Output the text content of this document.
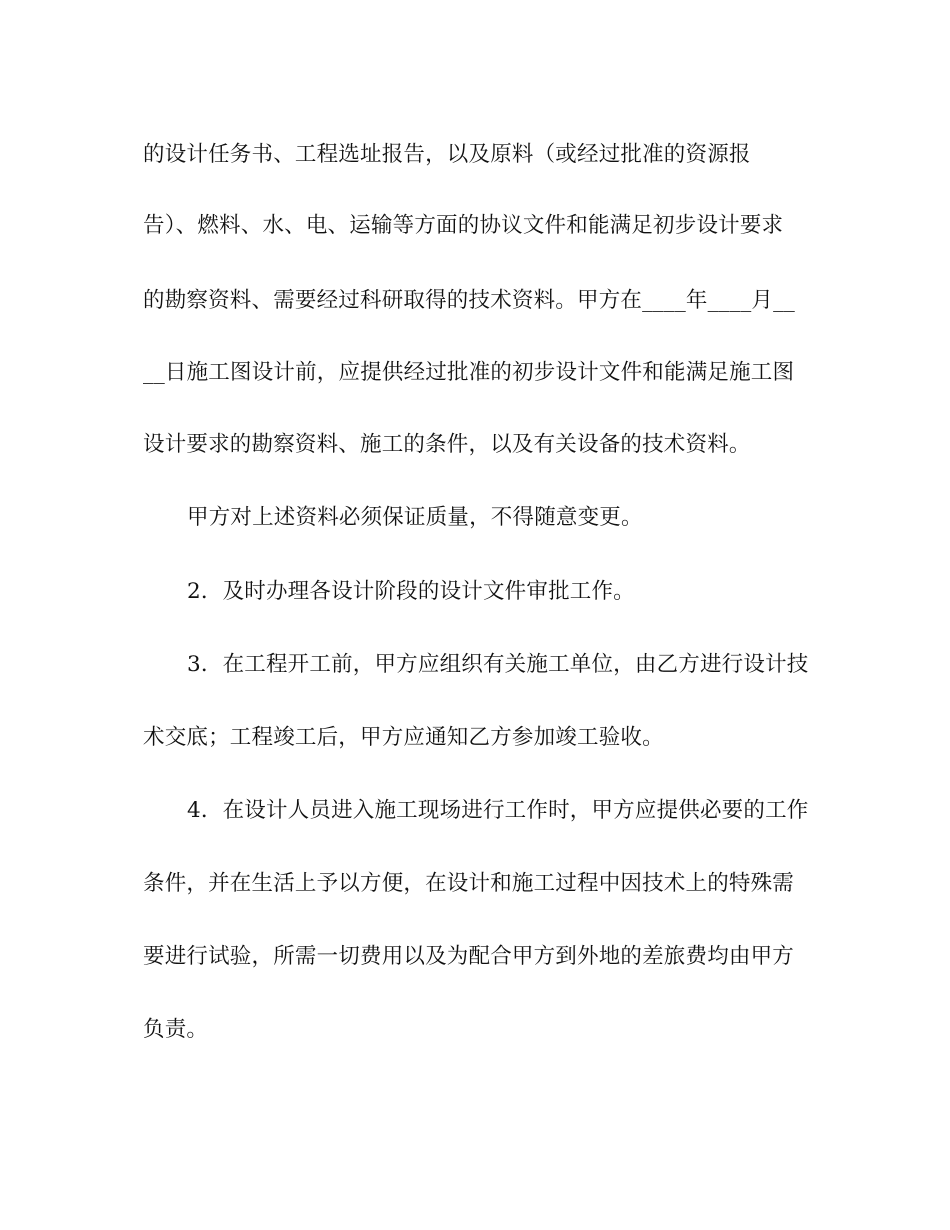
的设计任务书、工程选址报告，以及原料（或经过批准的资源报
告）、燃料、水、电、运输等方面的协议文件和能满足初步设计要求
的勘察资料、需要经过科研取得的技术资料。甲方在____年____月__
__日施工图设计前，应提供经过批准的初步设计文件和能满足施工图
设计要求的勘察资料、施工的条件，以及有关设备的技术资料。
甲方对上述资料必须保证质量，不得随意变更。
2．及时办理各设计阶段的设计文件审批工作。
3．在工程开工前，甲方应组织有关施工单位，由乙方进行设计技
术交底；工程竣工后，甲方应通知乙方参加竣工验收。
4．在设计人员进入施工现场进行工作时，甲方应提供必要的工作
条件，并在生活上予以方便，在设计和施工过程中因技术上的特殊需
要进行试验，所需一切费用以及为配合甲方到外地的差旅费均由甲方
负责。
